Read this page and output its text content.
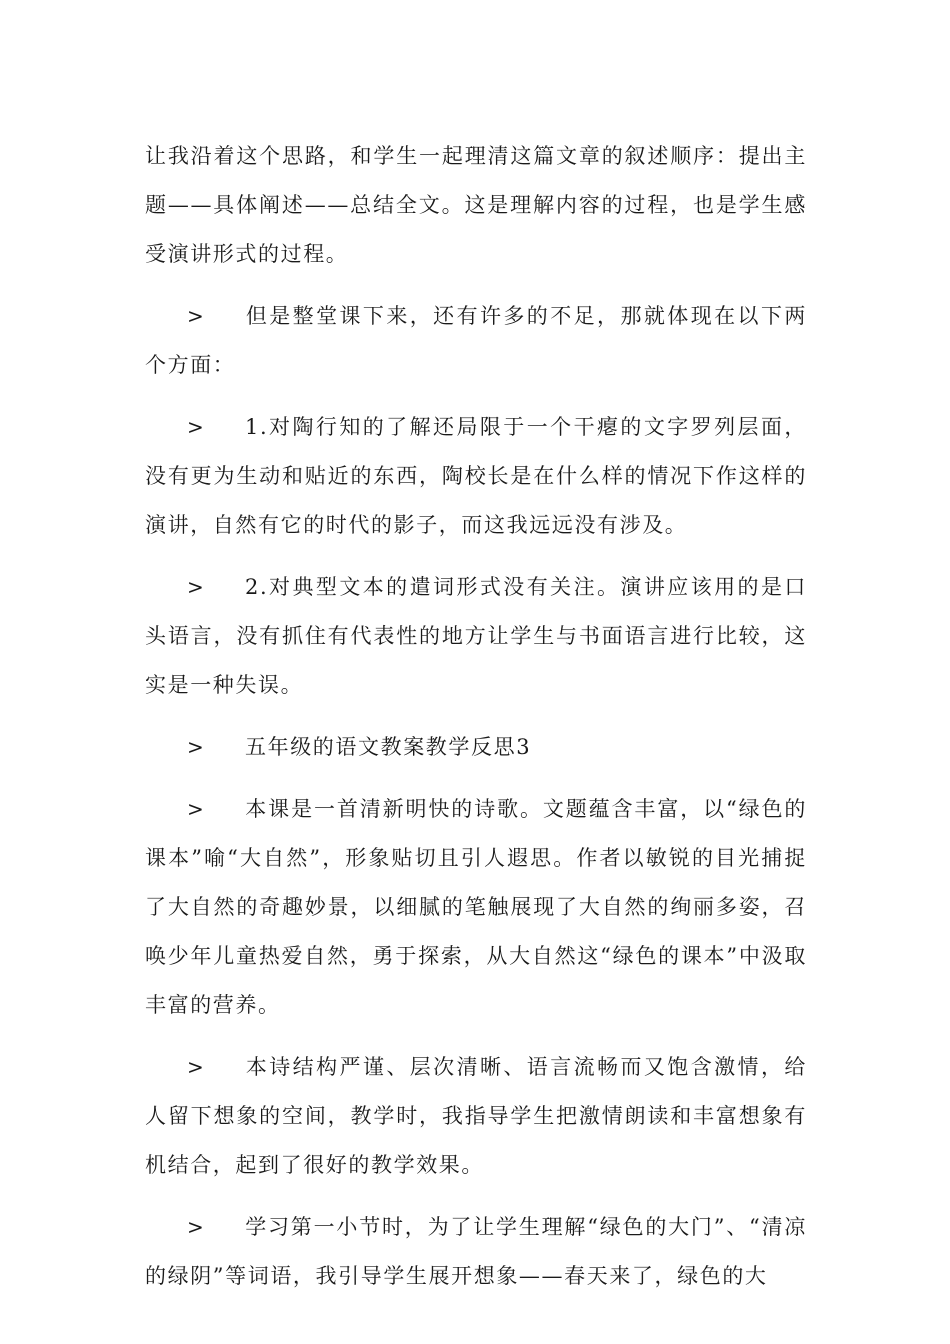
让我沿着这个思路，和学生一起理清这篇文章的叙述顺序：提出主题——具体阐述——总结全文。这是理解内容的过程，也是学生感受演讲形式的过程。

> 但是整堂课下来，还有许多的不足，那就体现在以下两个方面：

> 1.对陶行知的了解还局限于一个干瘪的文字罗列层面，没有更为生动和贴近的东西，陶校长是在什么样的情况下作这样的演讲，自然有它的时代的影子，而这我远远没有涉及。

> 2.对典型文本的遣词形式没有关注。演讲应该用的是口头语言，没有抓住有代表性的地方让学生与书面语言进行比较，这实是一种失误。

> 五年级的语文教案教学反思3

> 本课是一首清新明快的诗歌。文题蕴含丰富，以“绿色的课本”喻“大自然”，形象贴切且引人遐思。作者以敏锐的目光捕捉了大自然的奇趣妙景，以细腻的笔触展现了大自然的绚丽多姿，召唤少年儿童热爱自然，勇于探索，从大自然这“绿色的课本”中汲取丰富的营养。

> 本诗结构严谨、层次清晰、语言流畅而又饱含激情，给人留下想象的空间，教学时，我指导学生把激情朗读和丰富想象有机结合，起到了很好的教学效果。

> 学习第一小节时，为了让学生理解“绿色的大门”、“清凉的绿阴”等词语，我引导学生展开想象——春天来了，绿色的大
